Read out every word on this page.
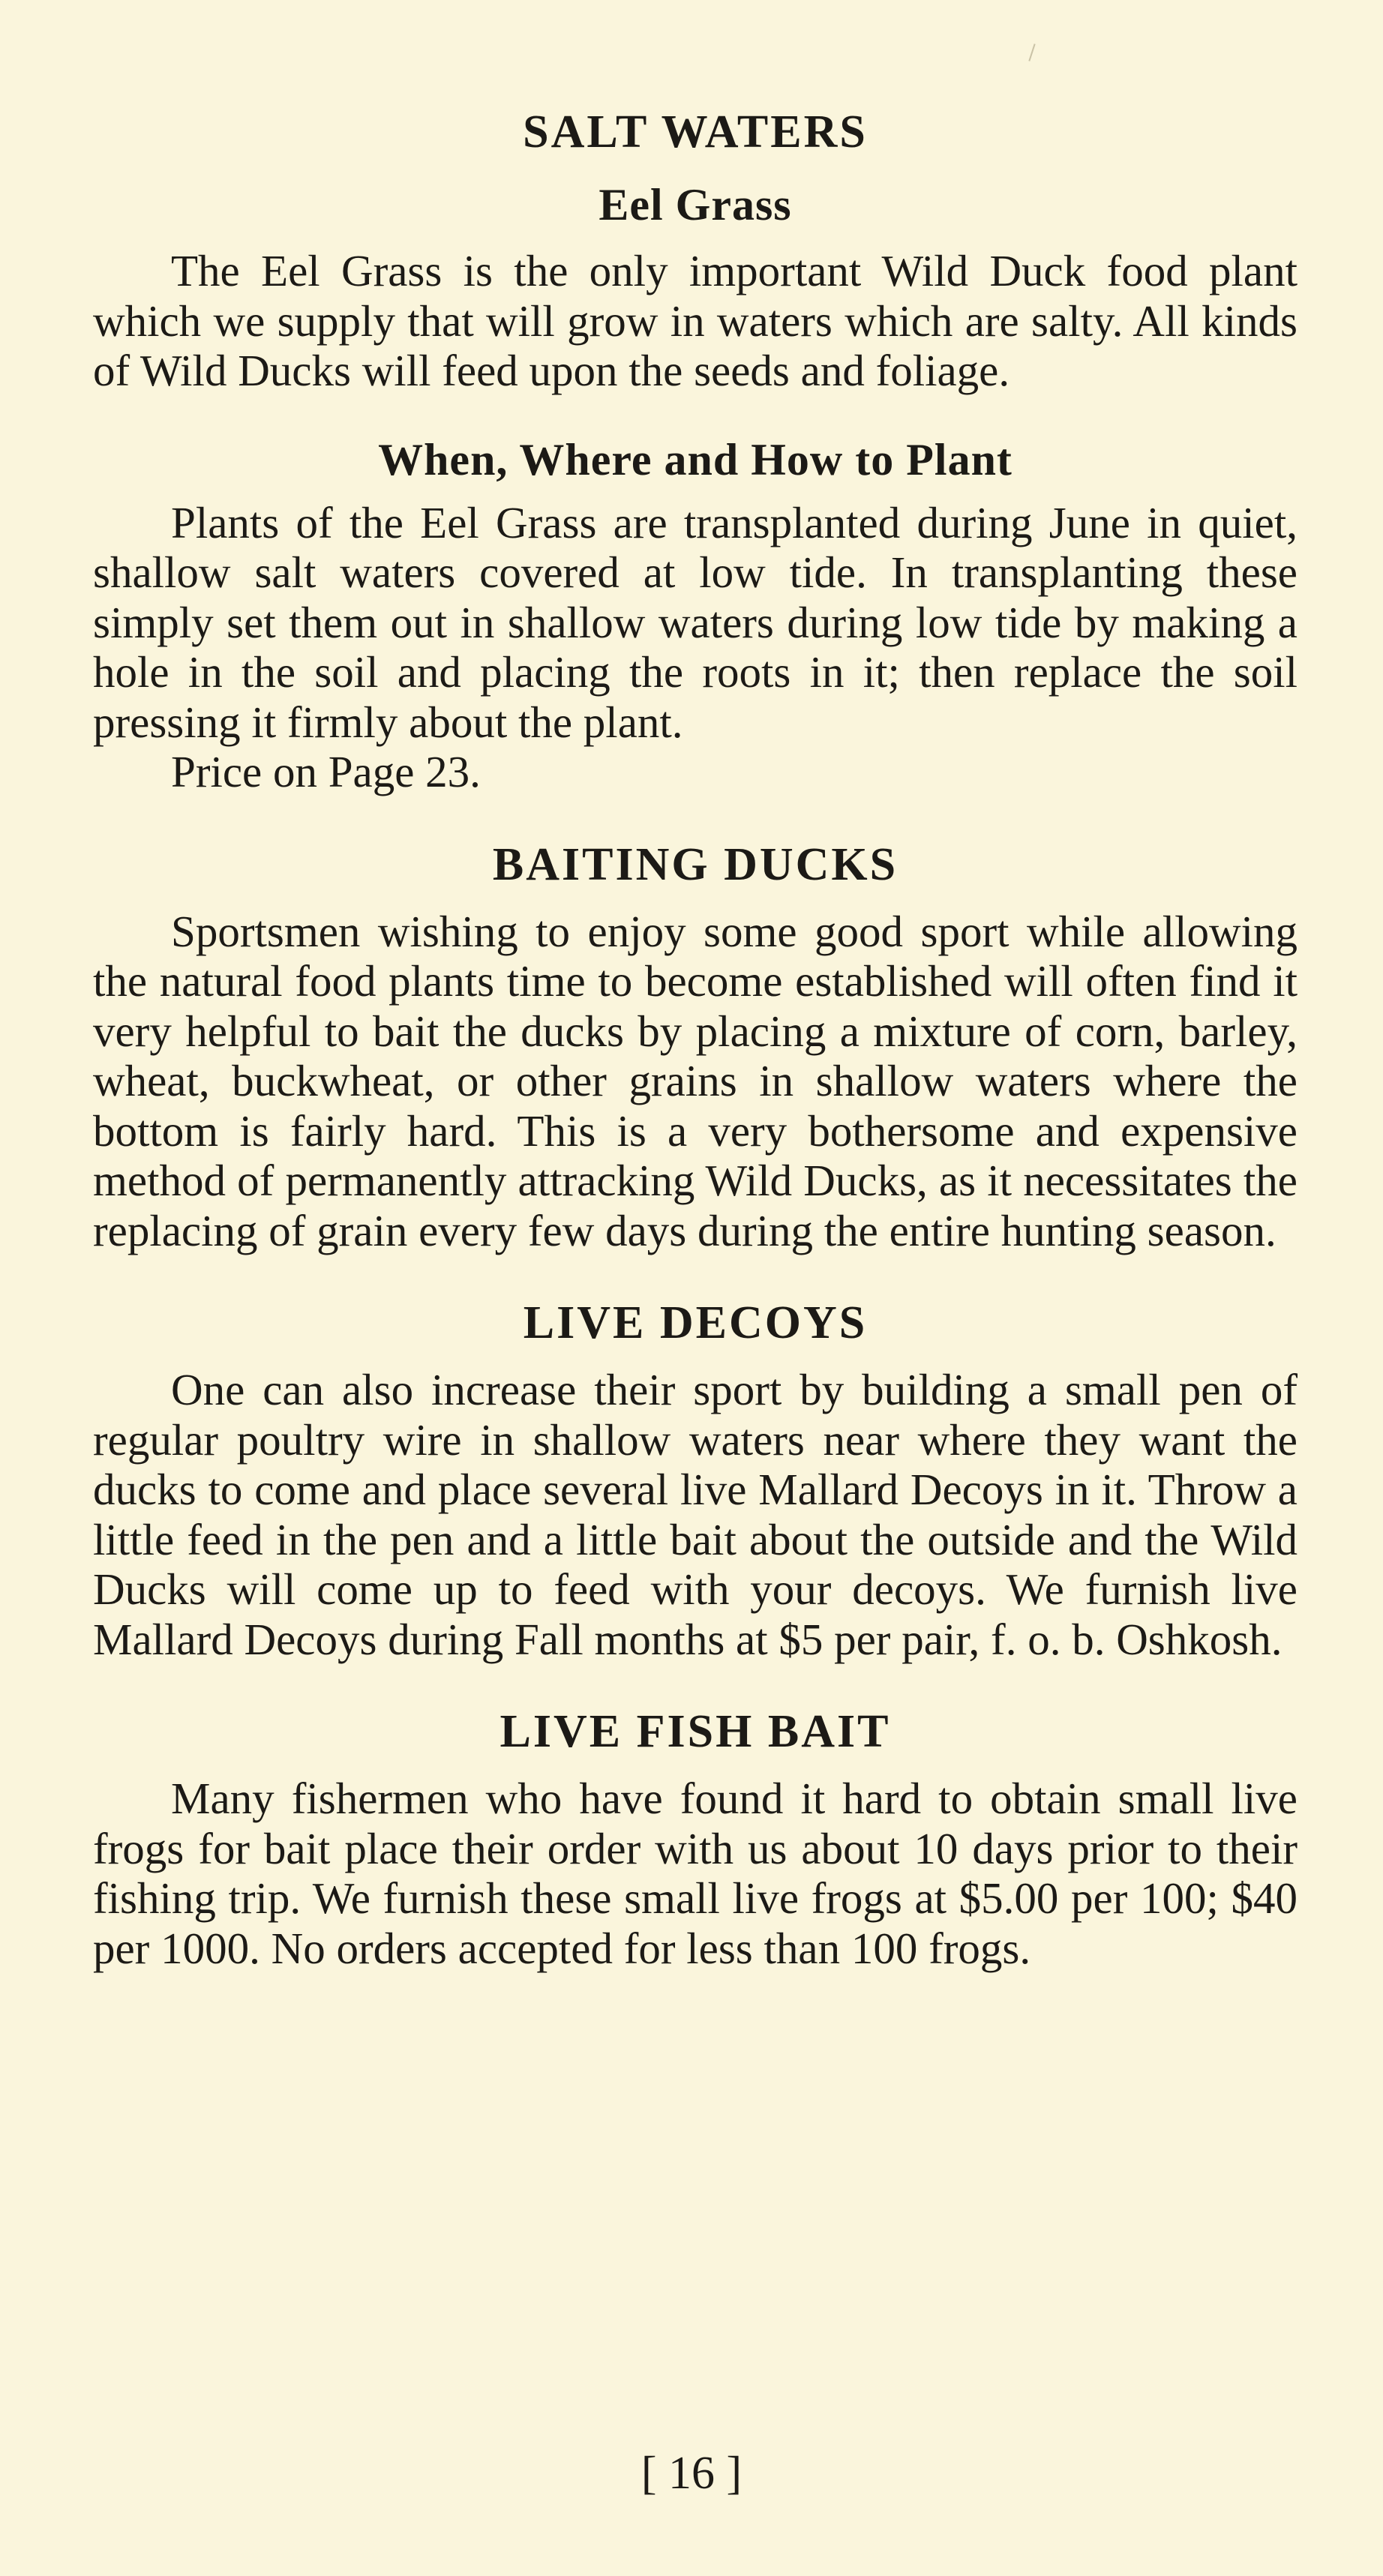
SALT WATERS
Eel Grass

The Eel Grass is the only important Wild Duck food plant which we supply that will grow in waters which are salty. All kinds of Wild Ducks will feed upon the seeds and foliage.

When, Where and How to Plant

Plants of the Eel Grass are transplanted during June in quiet, shallow salt waters covered at low tide. In transplanting these simply set them out in shallow waters during low tide by making a hole in the soil and placing the roots in it; then replace the soil pressing it firmly about the plant.

Price on Page 23.

BAITING DUCKS

Sportsmen wishing to enjoy some good sport while allowing the natural food plants time to become established will often find it very helpful to bait the ducks by placing a mixture of corn, barley, wheat, buckwheat, or other grains in shallow waters where the bottom is fairly hard. This is a very bothersome and expensive method of permanently attracking Wild Ducks, as it necessitates the replacing of grain every few days during the entire hunting season.

LIVE DECOYS

One can also increase their sport by building a small pen of regular poultry wire in shallow waters near where they want the ducks to come and place several live Mallard Decoys in it. Throw a little feed in the pen and a little bait about the outside and the Wild Ducks will come up to feed with your decoys. We furnish live Mallard Decoys during Fall months at $5 per pair, f. o. b. Oshkosh.

LIVE FISH BAIT

Many fishermen who have found it hard to obtain small live frogs for bait place their order with us about 10 days prior to their fishing trip. We furnish these small live frogs at $5.00 per 100; $40 per 1000. No orders accepted for less than 100 frogs.

[ 16 ]
